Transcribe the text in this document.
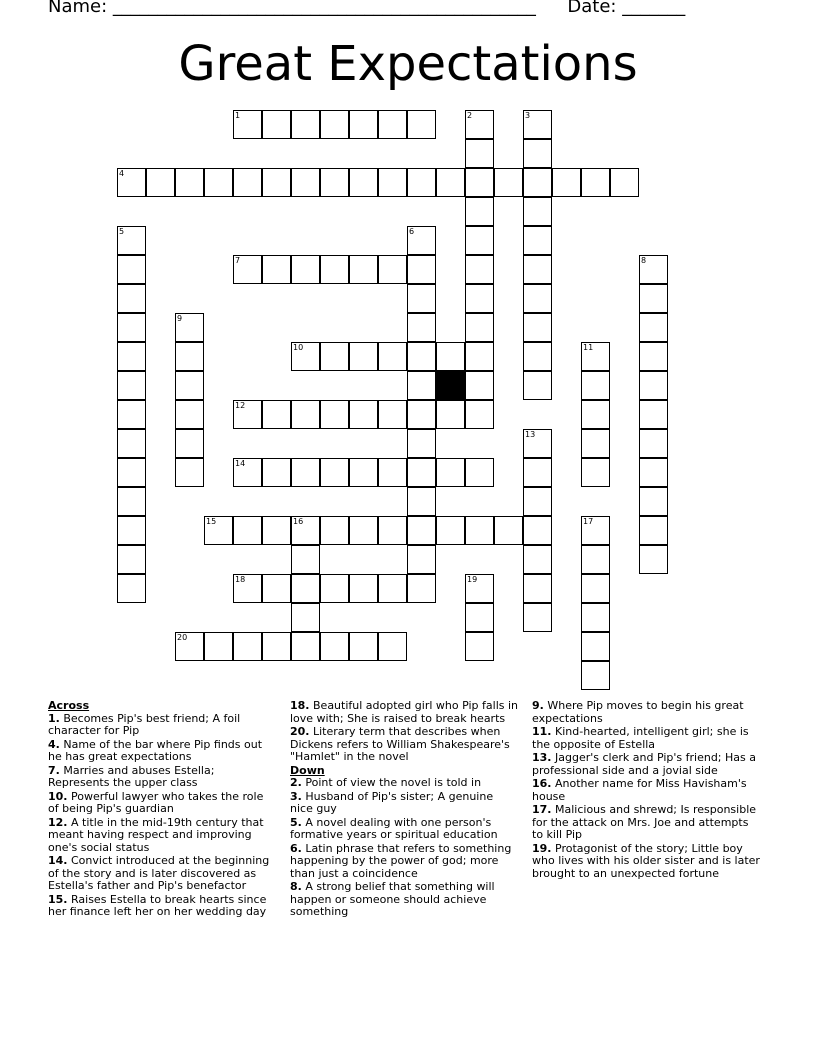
Name: _______________________________________________ Date: _______
Great Expectations
1	2	3
4
5	6
7	8
9
10	11
12
13
14
15	16	17
18	19
20
Across
1. Becomes Pip's best friend; A foil character for Pip
4. Name of the bar where Pip finds out he has great expectations
7. Marries and abuses Estella; Represents the upper class
10. Powerful lawyer who takes the role of being Pip's guardian
12. A title in the mid-19th century that meant having respect and improving one's social status
14. Convict introduced at the beginning of the story and is later discovered as Estella's father and Pip's benefactor
15. Raises Estella to break hearts since her finance left her on her wedding day
18. Beautiful adopted girl who Pip falls in love with; She is raised to break hearts
20. Literary term that describes when Dickens refers to William Shakespeare's "Hamlet" in the novel
Down
2. Point of view the novel is told in
3. Husband of Pip's sister; A genuine nice guy
5. A novel dealing with one person's formative years or spiritual education
6. Latin phrase that refers to something happening by the power of god; more than just a coincidence
8. A strong belief that something will happen or someone should achieve something
9. Where Pip moves to begin his great expectations
11. Kind-hearted, intelligent girl; she is the opposite of Estella
13. Jagger's clerk and Pip's friend; Has a professional side and a jovial side
16. Another name for Miss Havisham's house
17. Malicious and shrewd; Is responsible for the attack on Mrs. Joe and attempts to kill Pip
19. Protagonist of the story; Little boy who lives with his older sister and is later brought to an unexpected fortune
